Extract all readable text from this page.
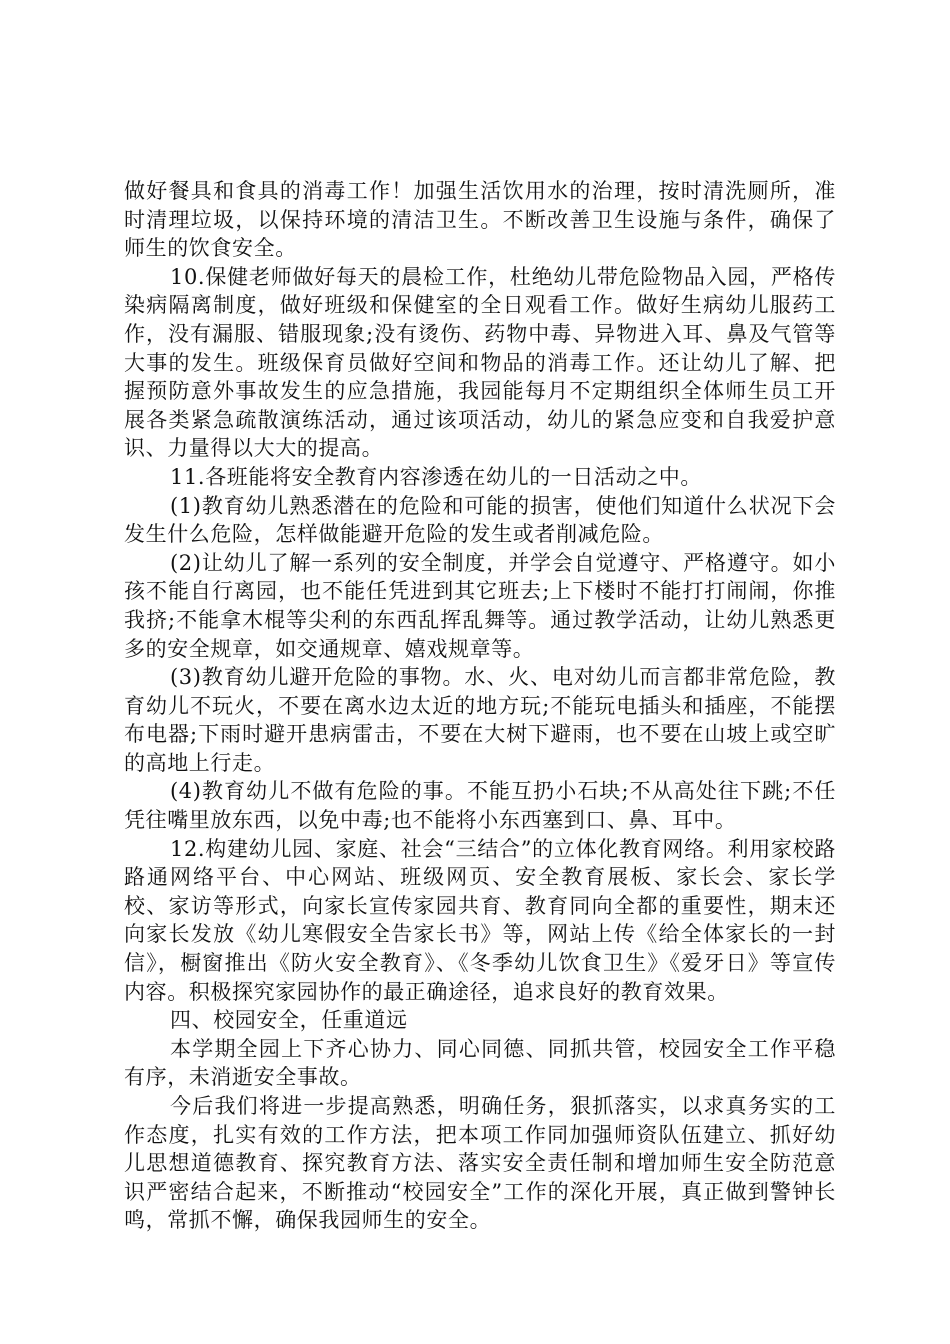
做好餐具和食具的消毒工作！加强生活饮用水的治理，按时清洗厕所，准时清理垃圾，以保持环境的清洁卫生。不断改善卫生设施与条件，确保了师生的饮食安全。

10.保健老师做好每天的晨检工作，杜绝幼儿带危险物品入园，严格传染病隔离制度，做好班级和保健室的全日观看工作。做好生病幼儿服药工作，没有漏服、错服现象;没有烫伤、药物中毒、异物进入耳、鼻及气管等大事的发生。班级保育员做好空间和物品的消毒工作。还让幼儿了解、把握预防意外事故发生的应急措施，我园能每月不定期组织全体师生员工开展各类紧急疏散演练活动，通过该项活动，幼儿的紧急应变和自我爱护意识、力量得以大大的提高。

11.各班能将安全教育内容渗透在幼儿的一日活动之中。

(1)教育幼儿熟悉潜在的危险和可能的损害，使他们知道什么状况下会发生什么危险，怎样做能避开危险的发生或者削减危险。

(2)让幼儿了解一系列的安全制度，并学会自觉遵守、严格遵守。如小孩不能自行离园，也不能任凭进到其它班去;上下楼时不能打打闹闹，你推我挤;不能拿木棍等尖利的东西乱挥乱舞等。通过教学活动，让幼儿熟悉更多的安全规章，如交通规章、嬉戏规章等。

(3)教育幼儿避开危险的事物。水、火、电对幼儿而言都非常危险，教育幼儿不玩火，不要在离水边太近的地方玩;不能玩电插头和插座，不能摆布电器;下雨时避开患病雷击，不要在大树下避雨，也不要在山坡上或空旷的高地上行走。

(4)教育幼儿不做有危险的事。不能互扔小石块;不从高处往下跳;不任凭往嘴里放东西，以免中毒;也不能将小东西塞到口、鼻、耳中。

12.构建幼儿园、家庭、社会“三结合”的立体化教育网络。利用家校路路通网络平台、中心网站、班级网页、安全教育展板、家长会、家长学校、家访等形式，向家长宣传家园共育、教育同向全都的重要性，期末还向家长发放《幼儿寒假安全告家长书》等，网站上传《给全体家长的一封信》，橱窗推出《防火安全教育》、《冬季幼儿饮食卫生》《爱牙日》等宣传内容。积极探究家园协作的最正确途径，追求良好的教育效果。

四、校园安全，任重道远

本学期全园上下齐心协力、同心同德、同抓共管，校园安全工作平稳有序，未消逝安全事故。

今后我们将进一步提高熟悉，明确任务，狠抓落实，以求真务实的工作态度，扎实有效的工作方法，把本项工作同加强师资队伍建立、抓好幼儿思想道德教育、探究教育方法、落实安全责任制和增加师生安全防范意识严密结合起来，不断推动“校园安全”工作的深化开展，真正做到警钟长鸣，常抓不懈，确保我园师生的安全。
